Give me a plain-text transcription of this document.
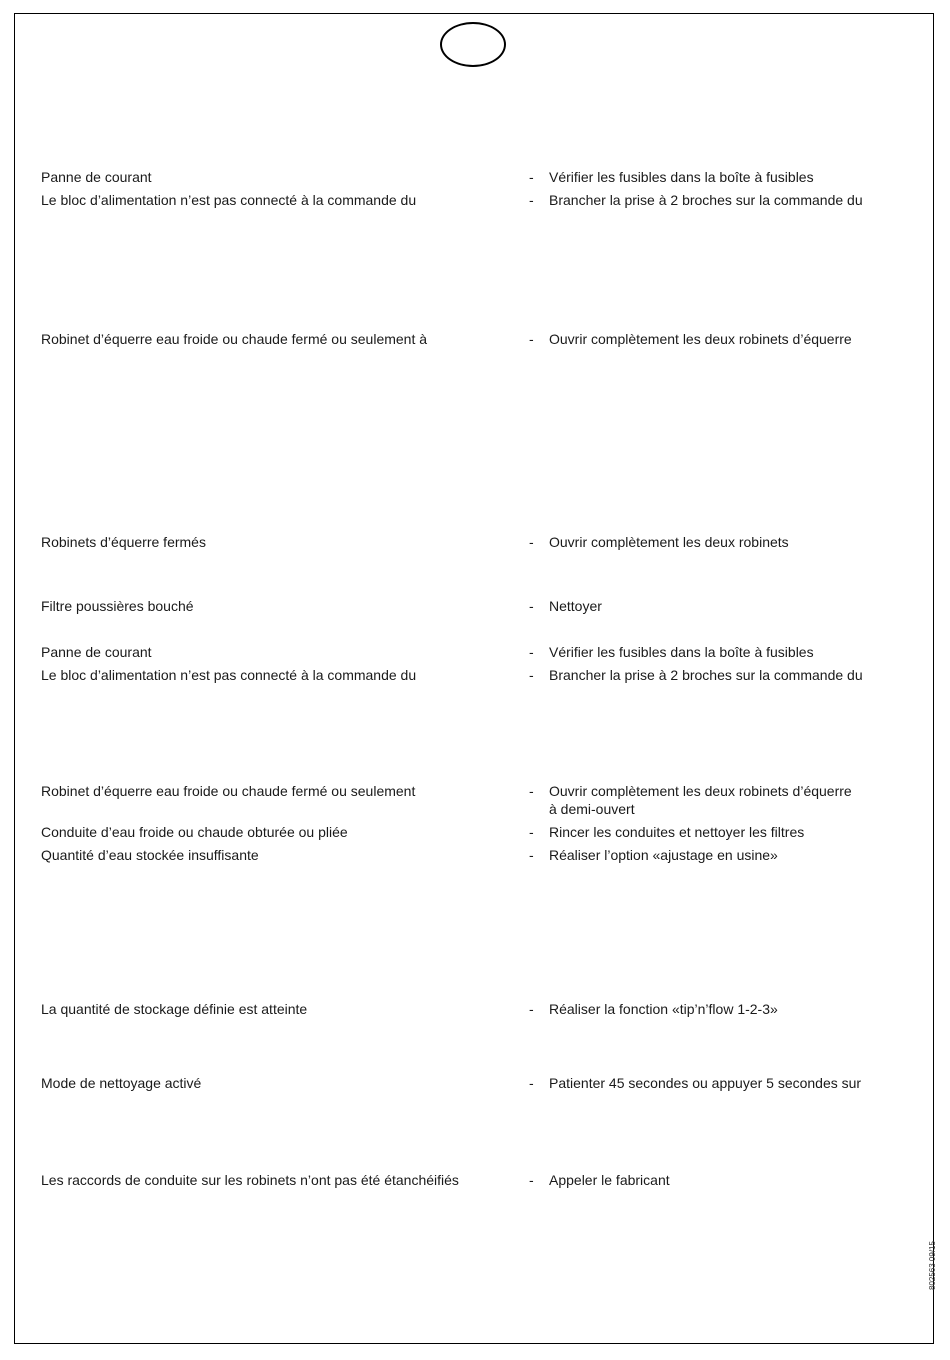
Panne de courant	- Vérifier les fusibles dans la boîte à fusibles
Le bloc d’alimentation n’est pas connecté à la commande du	- Brancher la prise à 2 broches sur la commande du
Robinet d’équerre eau froide ou chaude fermé ou seulement à	- Ouvrir complètement les deux robinets d’équerre
Robinets d’équerre fermés	- Ouvrir complètement les deux robinets
Filtre poussières bouché	- Nettoyer
Panne de courant	- Vérifier les fusibles dans la boîte à fusibles
Le bloc d’alimentation n’est pas connecté à la commande du	- Brancher la prise à 2 broches sur la commande du
Robinet d’équerre eau froide ou chaude fermé ou seulement	- Ouvrir complètement les deux robinets d’équerre
à demi-ouvert
Conduite d’eau froide ou chaude obturée ou pliée	- Rincer les conduites et nettoyer les filtres
Quantité d’eau stockée insuffisante	- Réaliser l’option «ajustage en usine»
La quantité de stockage définie est atteinte	- Réaliser la fonction «tip’n’flow 1-2-3»
Mode de nettoyage activé	- Patienter 45 secondes ou appuyer 5 secondes sur
Les raccords de conduite sur les robinets n’ont pas été étanchéifiés	- Appeler le fabricant
802563 09/15
